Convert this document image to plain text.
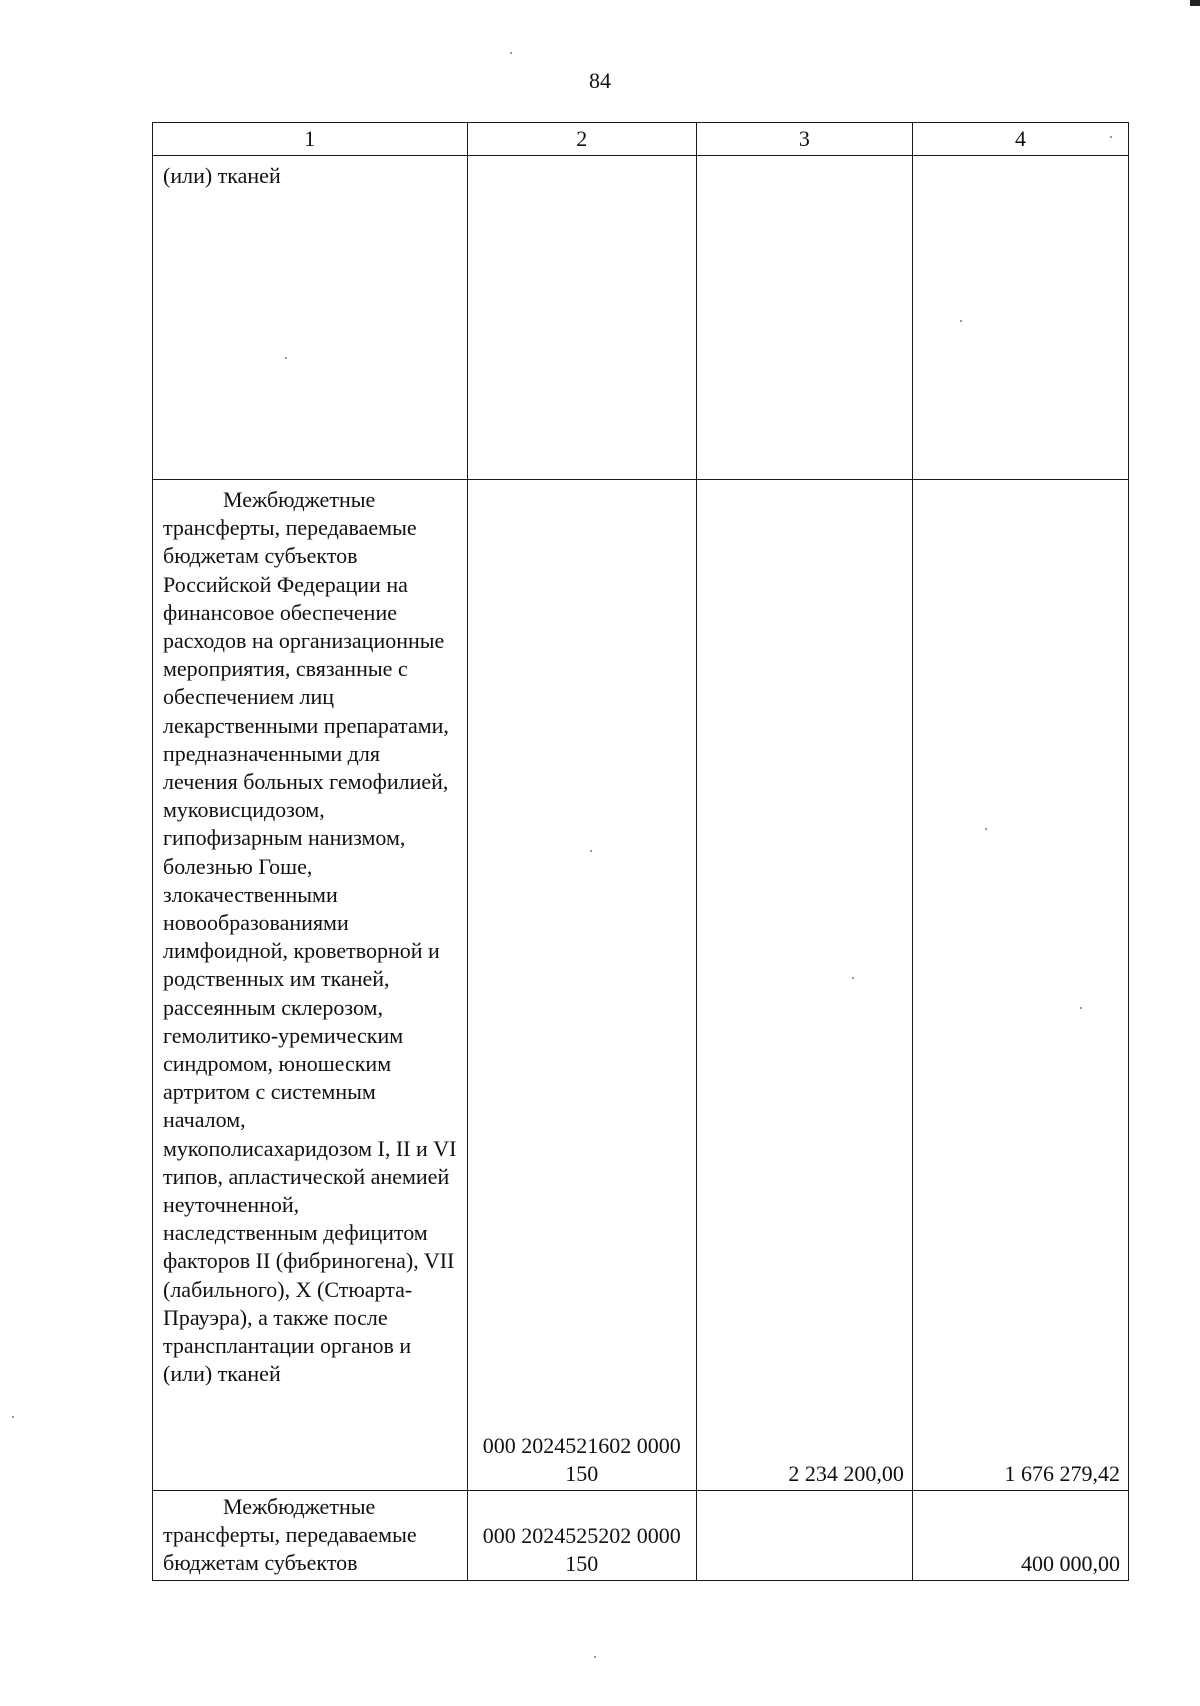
84
1	2	3	4

(или) тканей			

Межбюджетные трансферты, передаваемые бюджетам субъектов Российской Федерации на финансовое обеспечение расходов на организационные мероприятия, связанные с обеспечением лиц лекарственными препаратами, предназначенными для лечения больных гемофилией, муковисцидозом, гипофизарным нанизмом, болезнью Гоше, злокачественными новообразованиями лимфоидной, кроветворной и родственных им тканей, рассеянным склерозом, гемолитико-уремическим синдромом, юношеским артритом с системным началом, мукополисахаридозом I, II и VI типов, апластической анемией неуточненной, наследственным дефицитом факторов II (фибриногена), VII (лабильного), X (Стюарта-Прауэра), а также после трансплантации органов и (или) тканей	000 2024521602 0000 150	2 234 200,00	1 676 279,42

Межбюджетные трансферты, передаваемые бюджетам субъектов	000 2024525202 0000 150		400 000,00
